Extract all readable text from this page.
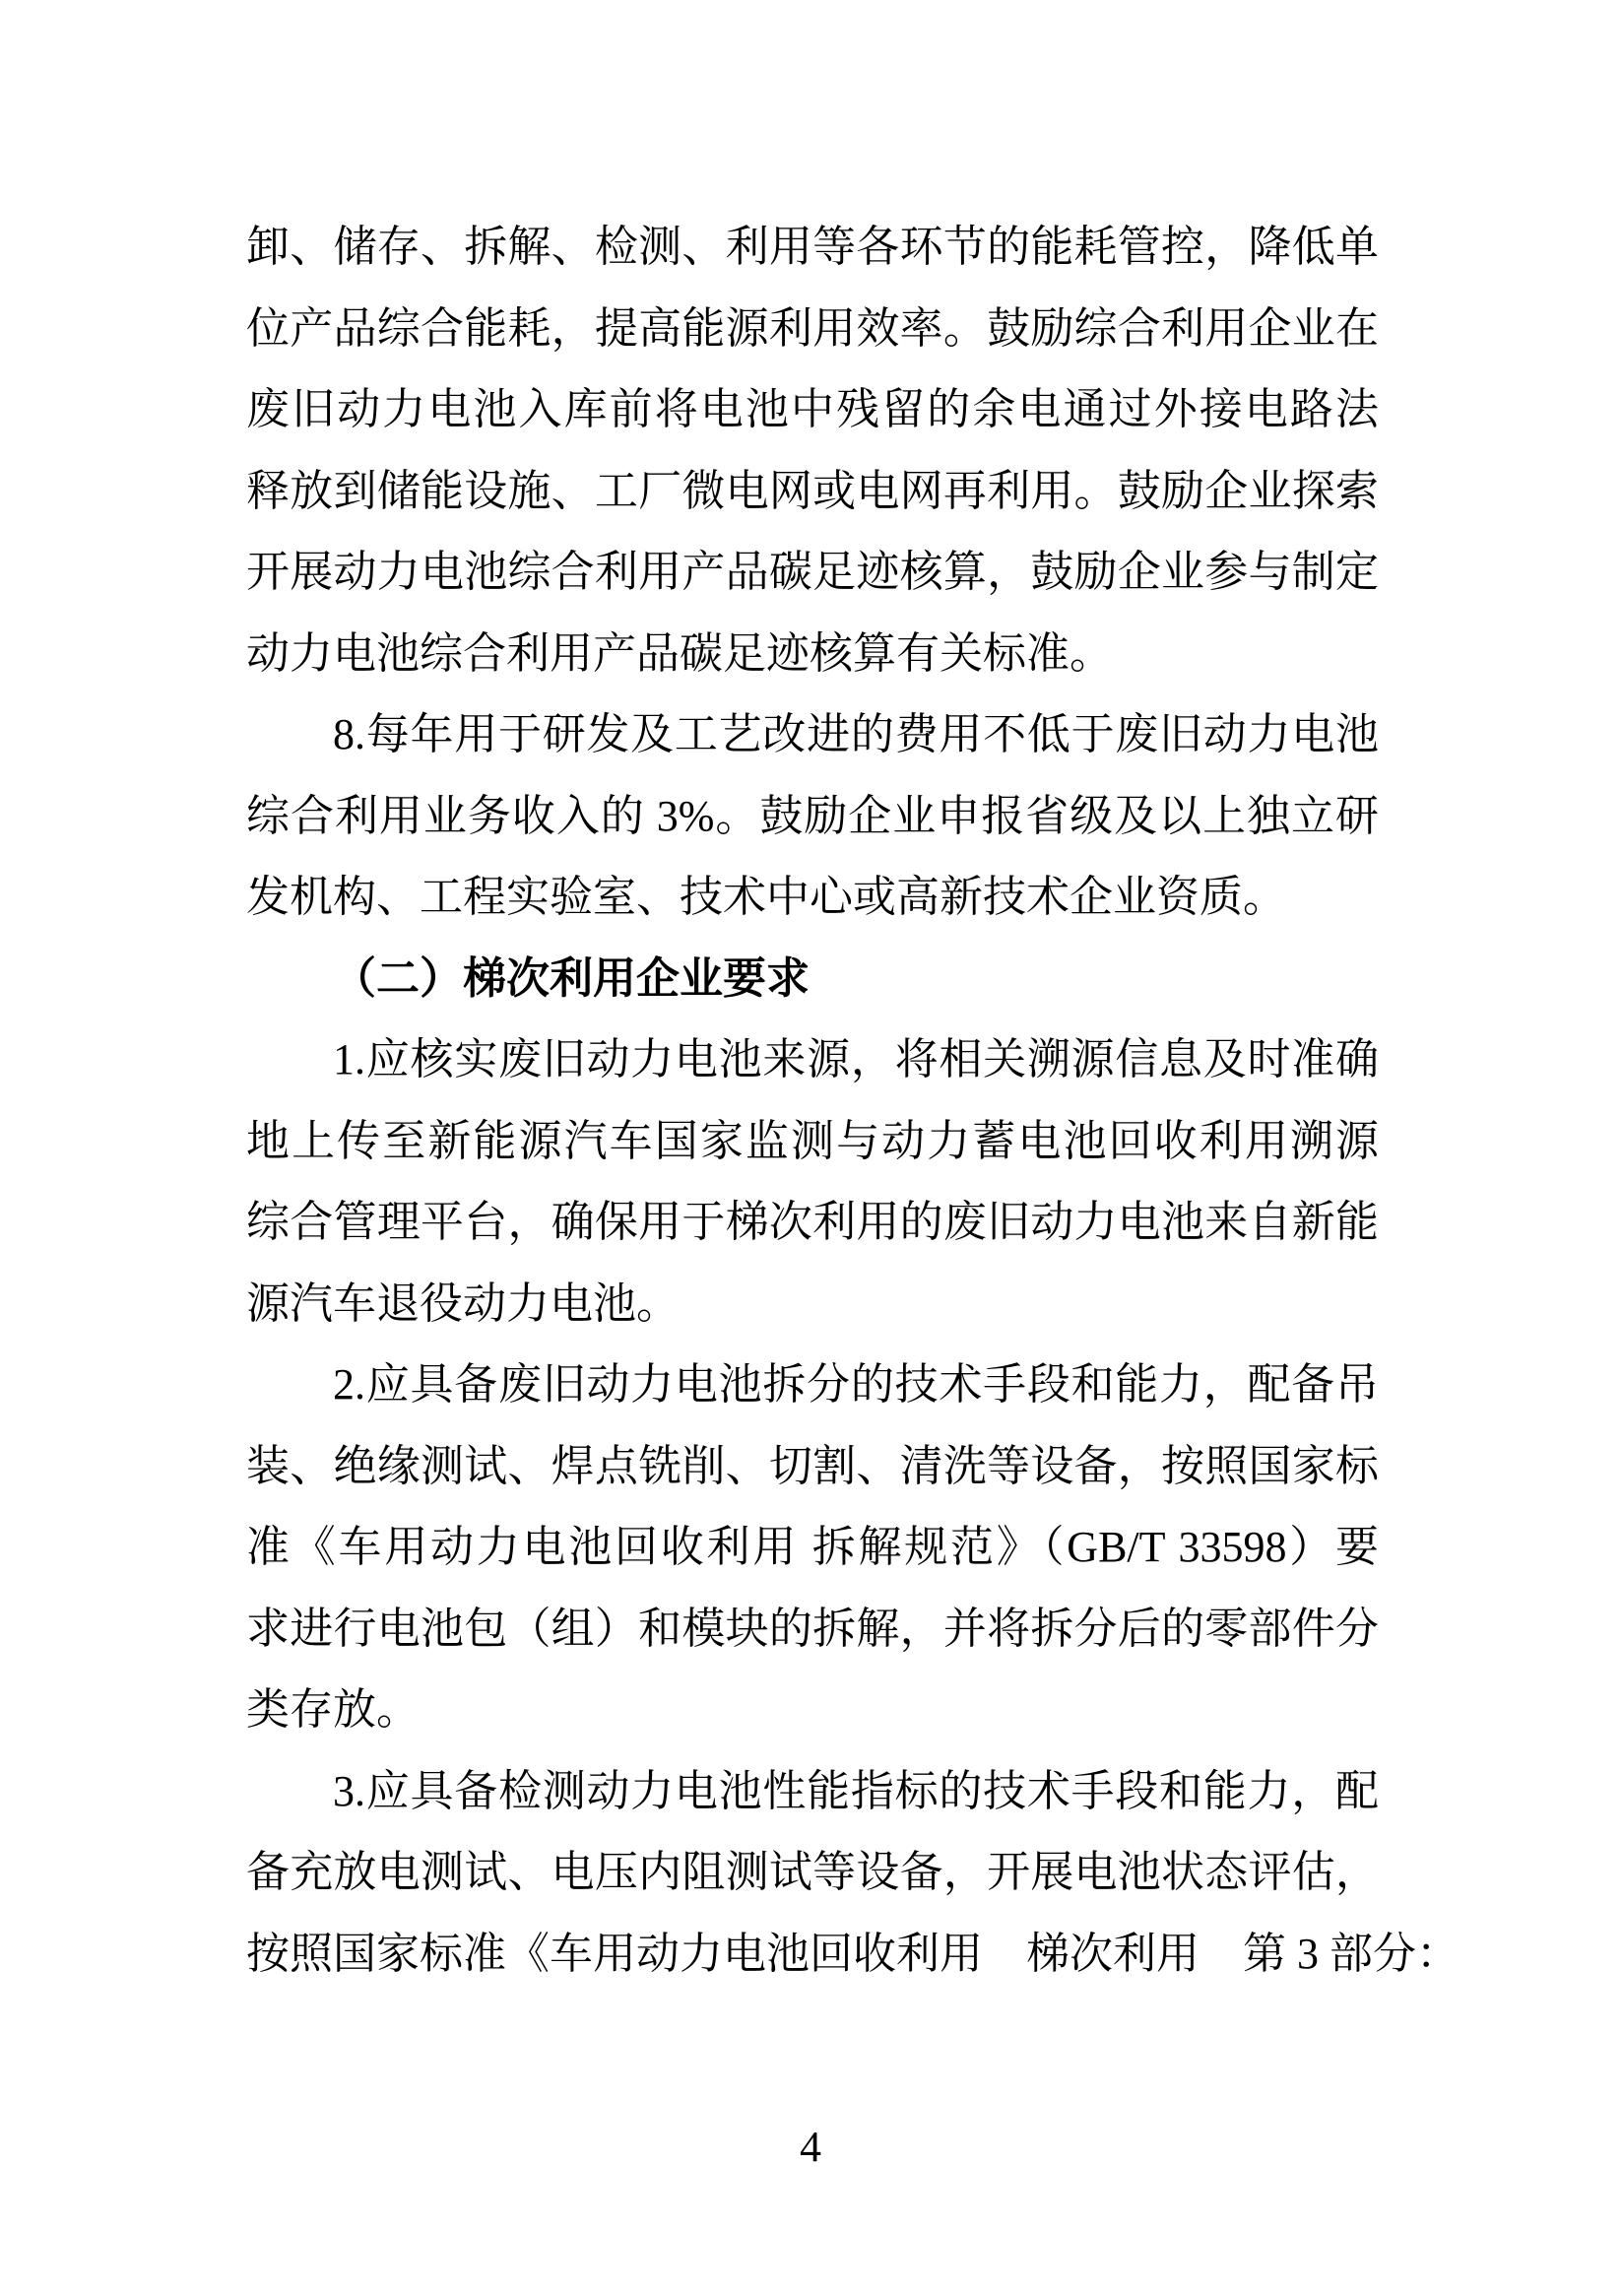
卸、储存、拆解、检测、利用等各环节的能耗管控，降低单
位产品综合能耗，提高能源利用效率。鼓励综合利用企业在
废旧动力电池入库前将电池中残留的余电通过外接电路法
释放到储能设施、工厂微电网或电网再利用。鼓励企业探索
开展动力电池综合利用产品碳足迹核算，鼓励企业参与制定
动力电池综合利用产品碳足迹核算有关标准。
8.每年用于研发及工艺改进的费用不低于废旧动力电池
综合利用业务收入的 3%。鼓励企业申报省级及以上独立研
发机构、工程实验室、技术中心或高新技术企业资质。
（二）梯次利用企业要求
1.应核实废旧动力电池来源，将相关溯源信息及时准确
地上传至新能源汽车国家监测与动力蓄电池回收利用溯源
综合管理平台，确保用于梯次利用的废旧动力电池来自新能
源汽车退役动力电池。
2.应具备废旧动力电池拆分的技术手段和能力，配备吊
装、绝缘测试、焊点铣削、切割、清洗等设备，按照国家标
准《车用动力电池回收利用 拆解规范》（GB/T 33598）要
求进行电池包（组）和模块的拆解，并将拆分后的零部件分
类存放。
3.应具备检测动力电池性能指标的技术手段和能力，配
备充放电测试、电压内阻测试等设备，开展电池状态评估，
按照国家标准《车用动力电池回收利用　梯次利用　第 3 部分：
4
